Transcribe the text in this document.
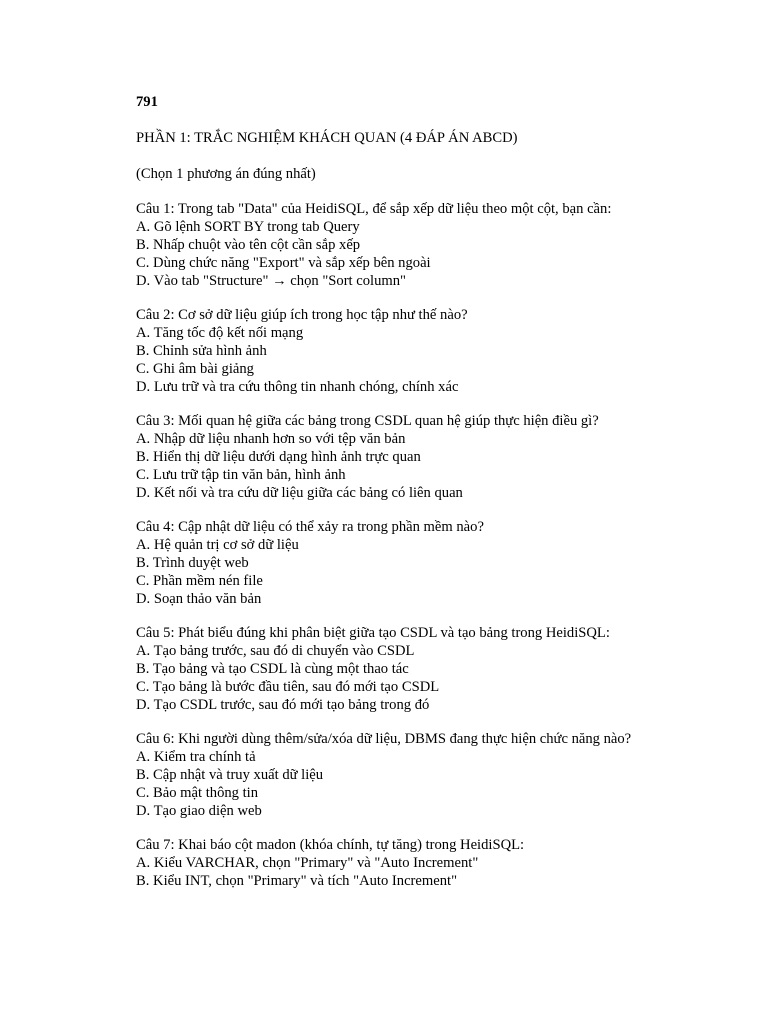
791

PHẦN 1: TRẮC NGHIỆM KHÁCH QUAN (4 ĐÁP ÁN ABCD)

(Chọn 1 phương án đúng nhất)

Câu 1: Trong tab "Data" của HeidiSQL, để sắp xếp dữ liệu theo một cột, bạn cần:
A. Gõ lệnh SORT BY trong tab Query
B. Nhấp chuột vào tên cột cần sắp xếp
C. Dùng chức năng "Export" và sắp xếp bên ngoài
D. Vào tab "Structure" → chọn "Sort column"
Câu 2: Cơ sở dữ liệu giúp ích trong học tập như thế nào?
A. Tăng tốc độ kết nối mạng
B. Chỉnh sửa hình ảnh
C. Ghi âm bài giảng
D. Lưu trữ và tra cứu thông tin nhanh chóng, chính xác
Câu 3: Mối quan hệ giữa các bảng trong CSDL quan hệ giúp thực hiện điều gì?
A. Nhập dữ liệu nhanh hơn so với tệp văn bản
B. Hiển thị dữ liệu dưới dạng hình ảnh trực quan
C. Lưu trữ tập tin văn bản, hình ảnh
D. Kết nối và tra cứu dữ liệu giữa các bảng có liên quan
Câu 4: Cập nhật dữ liệu có thể xảy ra trong phần mềm nào?
A. Hệ quản trị cơ sở dữ liệu
B. Trình duyệt web
C. Phần mềm nén file
D. Soạn thảo văn bản
Câu 5: Phát biểu đúng khi phân biệt giữa tạo CSDL và tạo bảng trong HeidiSQL:
A. Tạo bảng trước, sau đó di chuyển vào CSDL
B. Tạo bảng và tạo CSDL là cùng một thao tác
C. Tạo bảng là bước đầu tiên, sau đó mới tạo CSDL
D. Tạo CSDL trước, sau đó mới tạo bảng trong đó
Câu 6: Khi người dùng thêm/sửa/xóa dữ liệu, DBMS đang thực hiện chức năng nào?
A. Kiểm tra chính tả
B. Cập nhật và truy xuất dữ liệu
C. Bảo mật thông tin
D. Tạo giao diện web
Câu 7: Khai báo cột madon (khóa chính, tự tăng) trong HeidiSQL:
A. Kiểu VARCHAR, chọn "Primary" và "Auto Increment"
B. Kiểu INT, chọn "Primary" và tích "Auto Increment"
